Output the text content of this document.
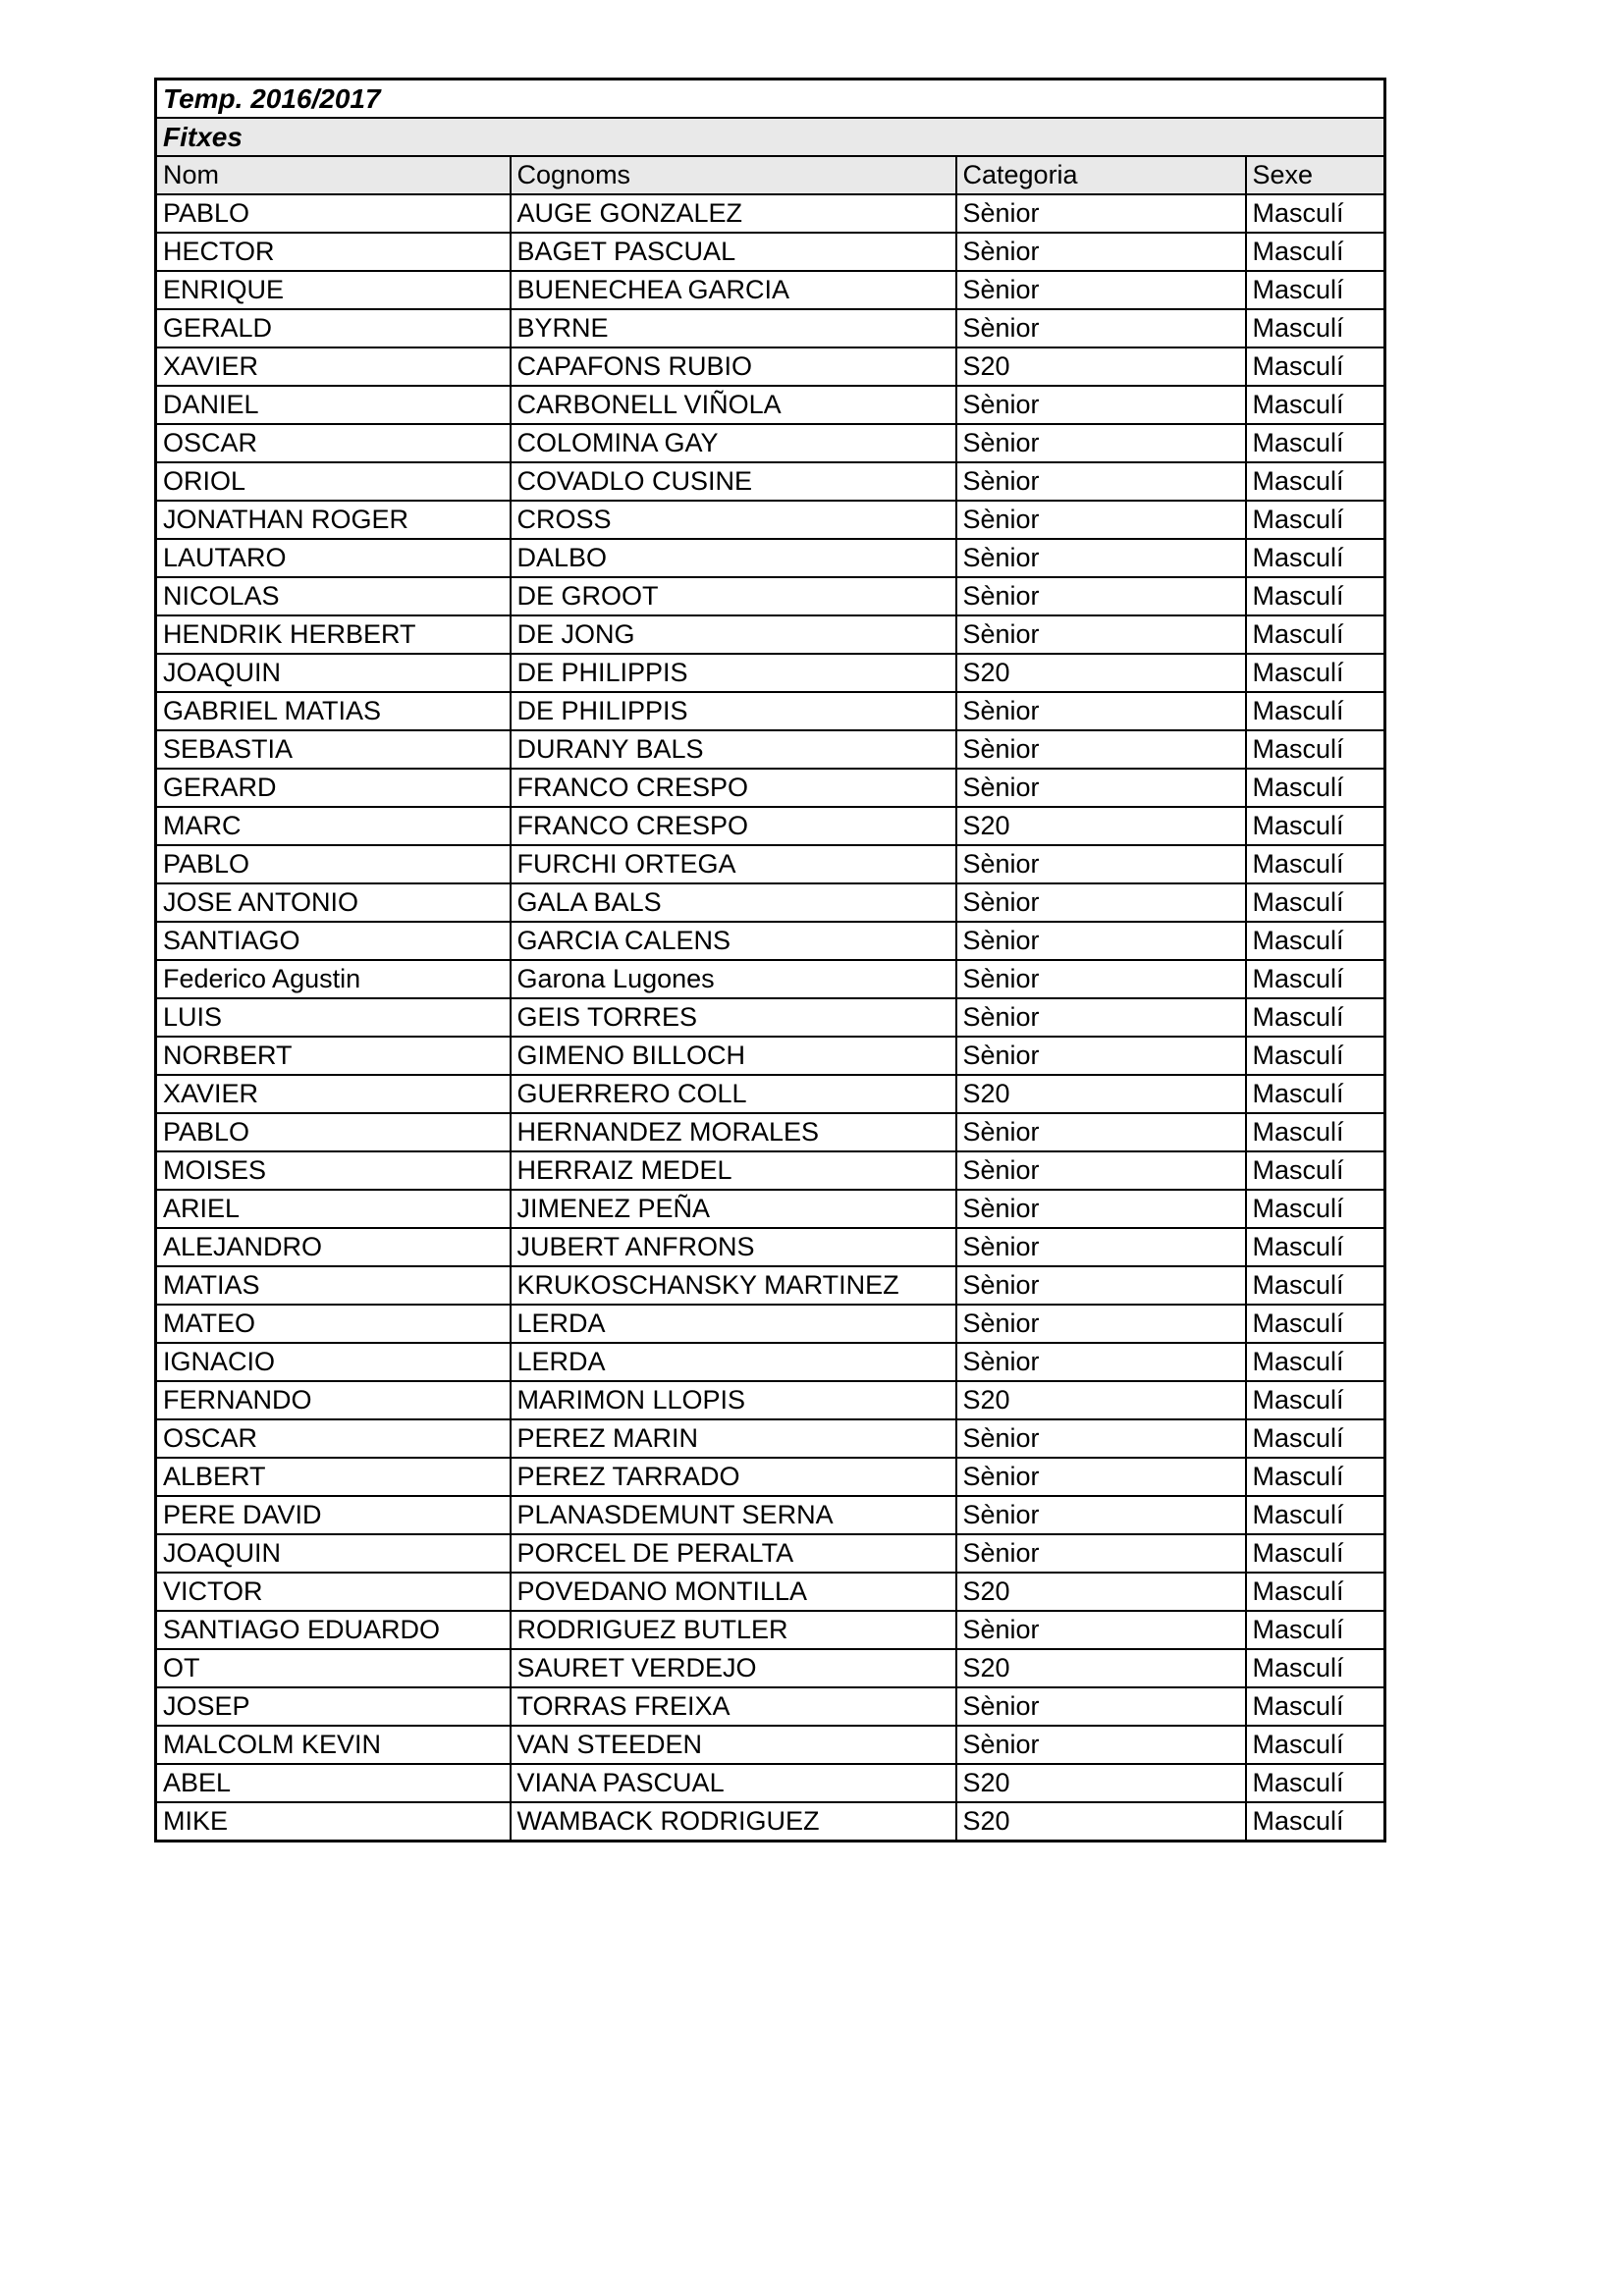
Temp. 2016/2017			
Fitxes			
Nom	Cognoms	Categoria	Sexe
PABLO	AUGE GONZALEZ	Sènior	Masculí
HECTOR	BAGET PASCUAL	Sènior	Masculí
ENRIQUE	BUENECHEA GARCIA	Sènior	Masculí
GERALD	BYRNE	Sènior	Masculí
XAVIER	CAPAFONS RUBIO	S20	Masculí
DANIEL	CARBONELL VIÑOLA	Sènior	Masculí
OSCAR	COLOMINA GAY	Sènior	Masculí
ORIOL	COVADLO CUSINE	Sènior	Masculí
JONATHAN ROGER	CROSS	Sènior	Masculí
LAUTARO	DALBO	Sènior	Masculí
NICOLAS	DE GROOT	Sènior	Masculí
HENDRIK HERBERT	DE JONG	Sènior	Masculí
JOAQUIN	DE PHILIPPIS	S20	Masculí
GABRIEL MATIAS	DE PHILIPPIS	Sènior	Masculí
SEBASTIA	DURANY BALS	Sènior	Masculí
GERARD	FRANCO CRESPO	Sènior	Masculí
MARC	FRANCO CRESPO	S20	Masculí
PABLO	FURCHI ORTEGA	Sènior	Masculí
JOSE ANTONIO	GALA BALS	Sènior	Masculí
SANTIAGO	GARCIA CALENS	Sènior	Masculí
Federico Agustin	Garona Lugones	Sènior	Masculí
LUIS	GEIS TORRES	Sènior	Masculí
NORBERT	GIMENO BILLOCH	Sènior	Masculí
XAVIER	GUERRERO COLL	S20	Masculí
PABLO	HERNANDEZ MORALES	Sènior	Masculí
MOISES	HERRAIZ MEDEL	Sènior	Masculí
ARIEL	JIMENEZ PEÑA	Sènior	Masculí
ALEJANDRO	JUBERT ANFRONS	Sènior	Masculí
MATIAS	KRUKOSCHANSKY MARTINEZ	Sènior	Masculí
MATEO	LERDA	Sènior	Masculí
IGNACIO	LERDA	Sènior	Masculí
FERNANDO	MARIMON LLOPIS	S20	Masculí
OSCAR	PEREZ MARIN	Sènior	Masculí
ALBERT	PEREZ TARRADO	Sènior	Masculí
PERE DAVID	PLANASDEMUNT SERNA	Sènior	Masculí
JOAQUIN	PORCEL DE PERALTA	Sènior	Masculí
VICTOR	POVEDANO MONTILLA	S20	Masculí
SANTIAGO EDUARDO	RODRIGUEZ BUTLER	Sènior	Masculí
OT	SAURET VERDEJO	S20	Masculí
JOSEP	TORRAS FREIXA	Sènior	Masculí
MALCOLM KEVIN	VAN STEEDEN	Sènior	Masculí
ABEL	VIANA PASCUAL	S20	Masculí
MIKE	WAMBACK RODRIGUEZ	S20	Masculí
